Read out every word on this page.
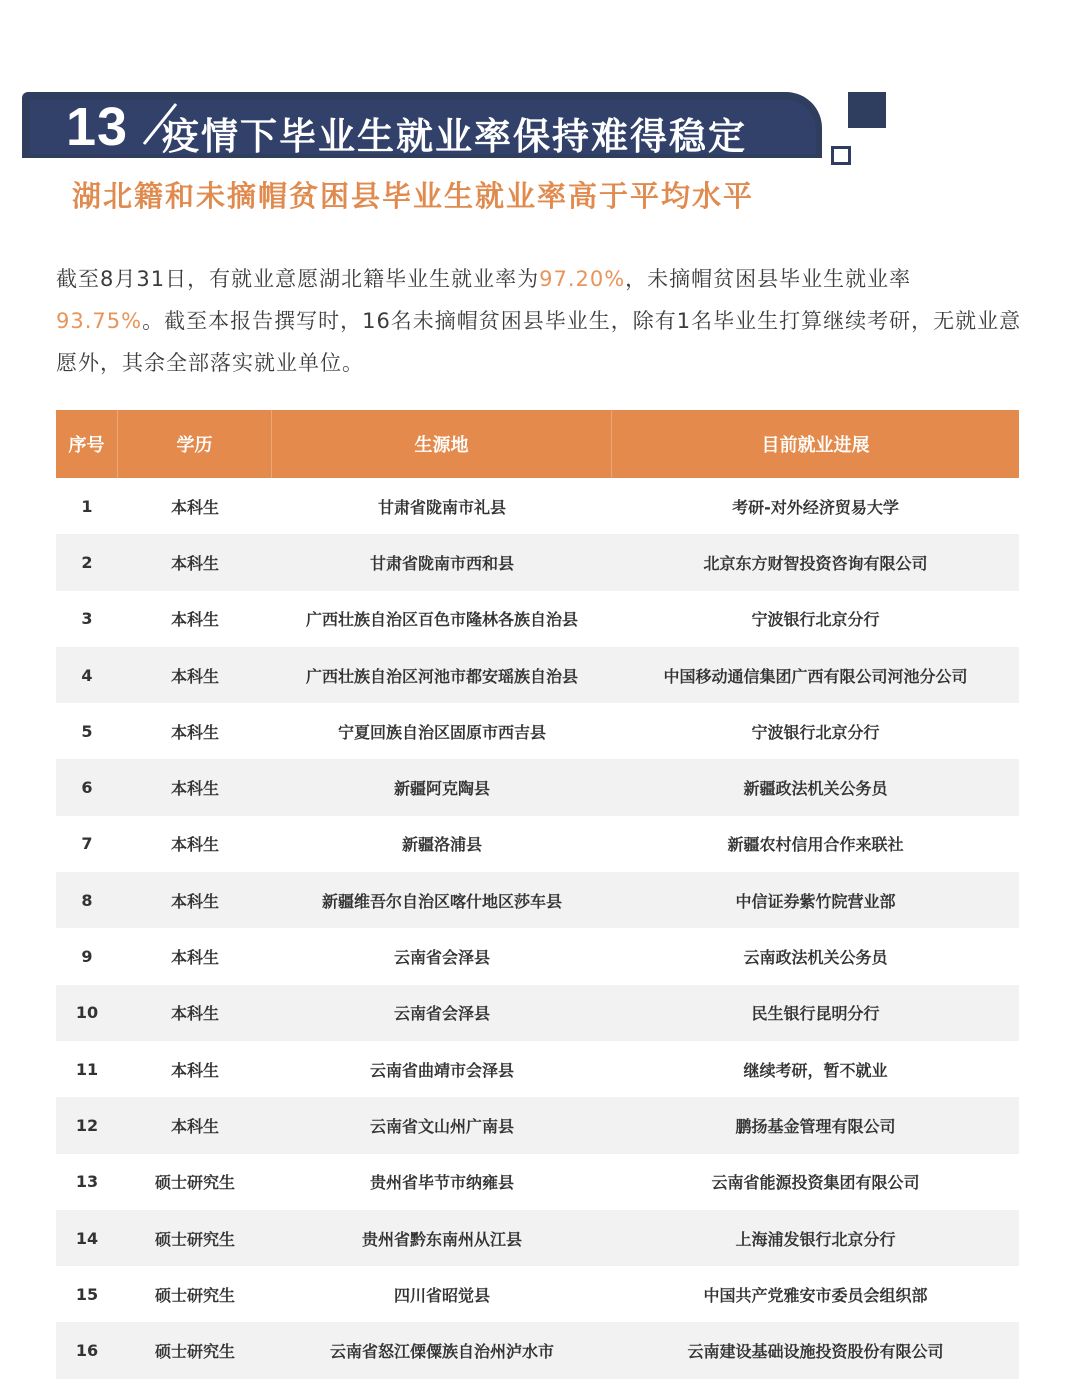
13 疫情下毕业生就业率保持难得稳定
湖北籍和未摘帽贫困县毕业生就业率高于平均水平

截至8月31日，有就业意愿湖北籍毕业生就业率为97.20%，未摘帽贫困县毕业生就业率
93.75%。截至本报告撰写时，16名未摘帽贫困县毕业生，除有1名毕业生打算继续考研，无就业意愿外，其余全部落实就业单位。

序号	学历	生源地	目前就业进展
1	本科生	甘肃省陇南市礼县	考研-对外经济贸易大学
2	本科生	甘肃省陇南市西和县	北京东方财智投资咨询有限公司
3	本科生	广西壮族自治区百色市隆林各族自治县	宁波银行北京分行
4	本科生	广西壮族自治区河池市都安瑶族自治县	中国移动通信集团广西有限公司河池分公司
5	本科生	宁夏回族自治区固原市西吉县	宁波银行北京分行
6	本科生	新疆阿克陶县	新疆政法机关公务员
7	本科生	新疆洛浦县	新疆农村信用合作来联社
8	本科生	新疆维吾尔自治区喀什地区莎车县	中信证券紫竹院营业部
9	本科生	云南省会泽县	云南政法机关公务员
10	本科生	云南省会泽县	民生银行昆明分行
11	本科生	云南省曲靖市会泽县	继续考研，暂不就业
12	本科生	云南省文山州广南县	鹏扬基金管理有限公司
13	硕士研究生	贵州省毕节市纳雍县	云南省能源投资集团有限公司
14	硕士研究生	贵州省黔东南州从江县	上海浦发银行北京分行
15	硕士研究生	四川省昭觉县	中国共产党雅安市委员会组织部
16	硕士研究生	云南省怒江傈僳族自治州泸水市	云南建设基础设施投资股份有限公司
